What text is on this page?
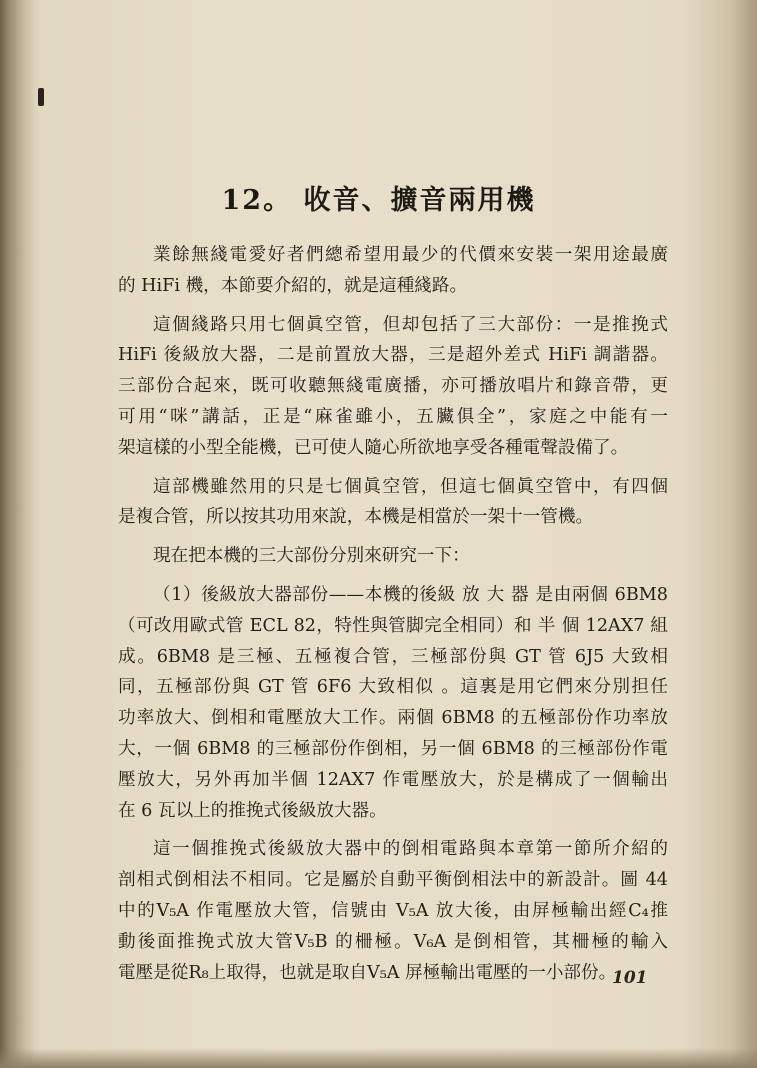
12。 收音、擴音兩用機

業餘無綫電愛好者們總希望用最少的代價來安裝一架用途最廣
的 HiFi 機，本節要介紹的，就是這種綫路。

這個綫路只用七個眞空管，但却包括了三大部份：一是推挽式
HiFi 後級放大器，二是前置放大器，三是超外差式 HiFi 調諧器。
三部份合起來，既可收聽無綫電廣播，亦可播放唱片和錄音帶，更
可用“咪”講話，正是“麻雀雖小，五臟俱全”，家庭之中能有一
架這樣的小型全能機，已可使人隨心所欲地享受各種電聲設備了。

這部機雖然用的只是七個眞空管，但這七個眞空管中，有四個
是複合管，所以按其功用來說，本機是相當於一架十一管機。

現在把本機的三大部份分別來研究一下：

（1）後級放大器部份——本機的後級 放 大 器 是由兩個 6BM8
（可改用歐式管 ECL 82，特性與管脚完全相同）和 半 個 12AX7 組
成。6BM8 是三極、五極複合管，三極部份與 GT 管 6J5 大致相
同，五極部份與 GT 管 6F6 大致相似 。這裏是用它們來分別担任
功率放大、倒相和電壓放大工作。兩個 6BM8 的五極部份作功率放
大，一個 6BM8 的三極部份作倒相，另一個 6BM8 的三極部份作電
壓放大，另外再加半個 12AX7 作電壓放大，於是構成了一個輸出
在 6 瓦以上的推挽式後級放大器。

這一個推挽式後級放大器中的倒相電路與本章第一節所介紹的
剖相式倒相法不相同。它是屬於自動平衡倒相法中的新設計。圖 44
中的V₅A 作電壓放大管，信號由 V₅A 放大後，由屏極輸出經C₄推
動後面推挽式放大管V₅B 的柵極。V₆A 是倒相管，其柵極的輸入
電壓是從R₈上取得，也就是取自V₅A 屏極輸出電壓的一小部份。

101
